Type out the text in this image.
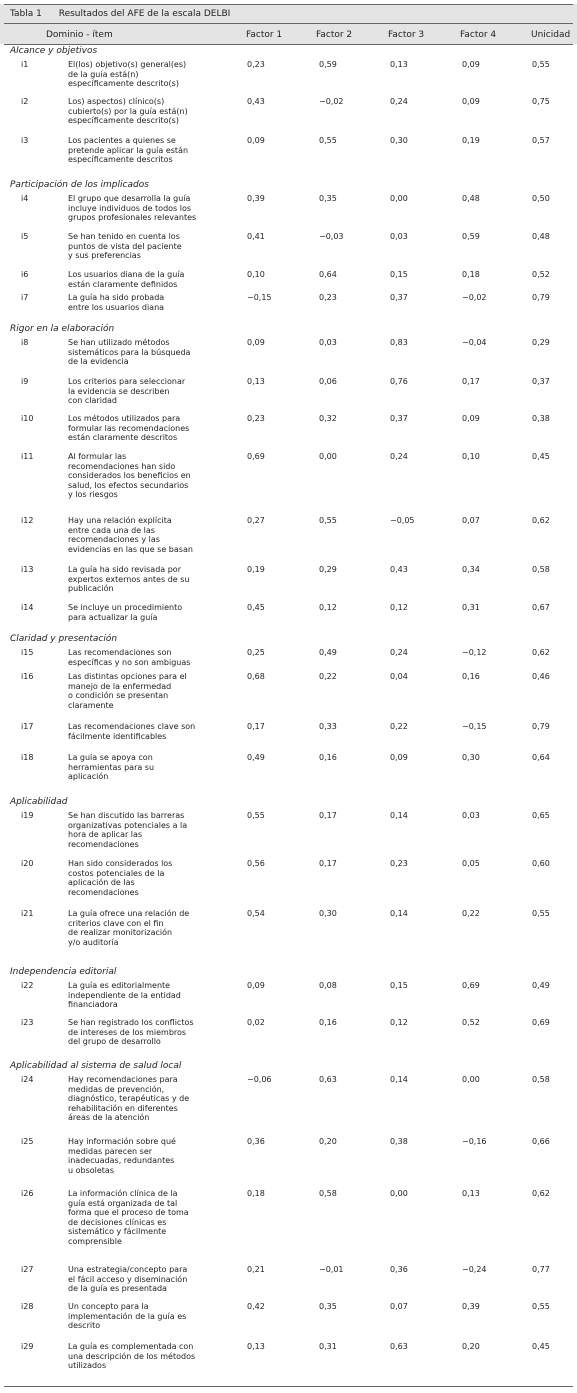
Tabla 1 Resultados del AFE de la escala DELBI
Dominio - ítem	Factor 1	Factor 2	Factor 3	Factor 4	Unicidad
Alcance y objetivos
i1	El(los) objetivo(s) general(es)
de la guía está(n)
específicamente descrito(s)
0,23	0,59	0,13	0,09	0,55
i2	Los) aspectos) clínico(s)
cubierto(s) por la guía está(n)
específicamente descrito(s)
0,43	−0,02	0,24	0,09	0,75
i3	Los pacientes a quienes se
pretende aplicar la guía están
específicamente descritos
0,09	0,55	0,30	0,19	0,57
Participación de los implicados
i4	El grupo que desarrolla la guía
incluye individuos de todos los
grupos profesionales relevantes
0,39	0,35	0,00	0,48	0,50
i5	Se han tenido en cuenta los
puntos de vista del paciente
y sus preferencias
0,41	−0,03	0,03	0,59	0,48
i6	Los usuarios diana de la guía
están claramente definidos
0,10	0,64	0,15	0,18	0,52
i7	La guía ha sido probada
entre los usuarios diana
−0,15	0,23	0,37	−0,02	0,79
Rigor en la elaboración
i8	Se han utilizado métodos
sistemáticos para la búsqueda
de la evidencia
0,09	0,03	0,83	−0,04	0,29
i9	Los criterios para seleccionar
la evidencia se describen
con claridad
0,13	0,06	0,76	0,17	0,37
i10	Los métodos utilizados para
formular las recomendaciones
están claramente descritos
0,23	0,32	0,37	0,09	0,38
i11	Al formular las
recomendaciones han sido
considerados los beneficios en
salud, los efectos secundarios
y los riesgos
0,69	0,00	0,24	0,10	0,45
i12	Hay una relación explícita
entre cada una de las
recomendaciones y las
evidencias en las que se basan
0,27	0,55	−0,05	0,07	0,62
i13	La guía ha sido revisada por
expertos externos antes de su
publicación
0,19	0,29	0,43	0,34	0,58
i14	Se incluye un procedimiento
para actualizar la guía
0,45	0,12	0,12	0,31	0,67
Claridad y presentación
i15	Las recomendaciones son
específicas y no son ambiguas
0,25	0,49	0,24	−0,12	0,62
i16	Las distintas opciones para el
manejo de la enfermedad
o condición se presentan
claramente
0,68	0,22	0,04	0,16	0,46
i17	Las recomendaciones clave son
fácilmente identificables
0,17	0,33	0,22	−0,15	0,79
i18	La guía se apoya con
herramientas para su
aplicación
0,49	0,16	0,09	0,30	0,64
Aplicabilidad
i19	Se han discutido las barreras
organizativas potenciales a la
hora de aplicar las
recomendaciones
0,55	0,17	0,14	0,03	0,65
i20	Han sido considerados los
costos potenciales de la
aplicación de las
recomendaciones
0,56	0,17	0,23	0,05	0,60
i21	La guía ofrece una relación de
criterios clave con el fin
de realizar monitorización
y/o auditoría
0,54	0,30	0,14	0,22	0,55
Independencia editorial
i22	La guía es editorialmente
independiente de la entidad
financiadora
0,09	0,08	0,15	0,69	0,49
i23	Se han registrado los conflictos
de intereses de los miembros
del grupo de desarrollo
0,02	0,16	0,12	0,52	0,69
Aplicabilidad al sistema de salud local
i24	Hay recomendaciones para
medidas de prevención,
diagnóstico, terapéuticas y de
rehabilitación en diferentes
áreas de la atención
−0,06	0,63	0,14	0,00	0,58
i25	Hay información sobre qué
medidas parecen ser
inadecuadas, redundantes
u obsoletas
0,36	0,20	0,38	−0,16	0,66
i26	La información clínica de la
guía está organizada de tal
forma que el proceso de toma
de decisiones clínicas es
sistemático y fácilmente
comprensible
0,18	0,58	0,00	0,13	0,62
i27	Una estrategia/concepto para
el fácil acceso y diseminación
de la guía es presentada
0,21	−0,01	0,36	−0,24	0,77
i28	Un concepto para la
implementación de la guía es
descrito
0,42	0,35	0,07	0,39	0,55
i29	La guía es complementada con
una descripción de los métodos
utilizados
0,13	0,31	0,63	0,20	0,45
